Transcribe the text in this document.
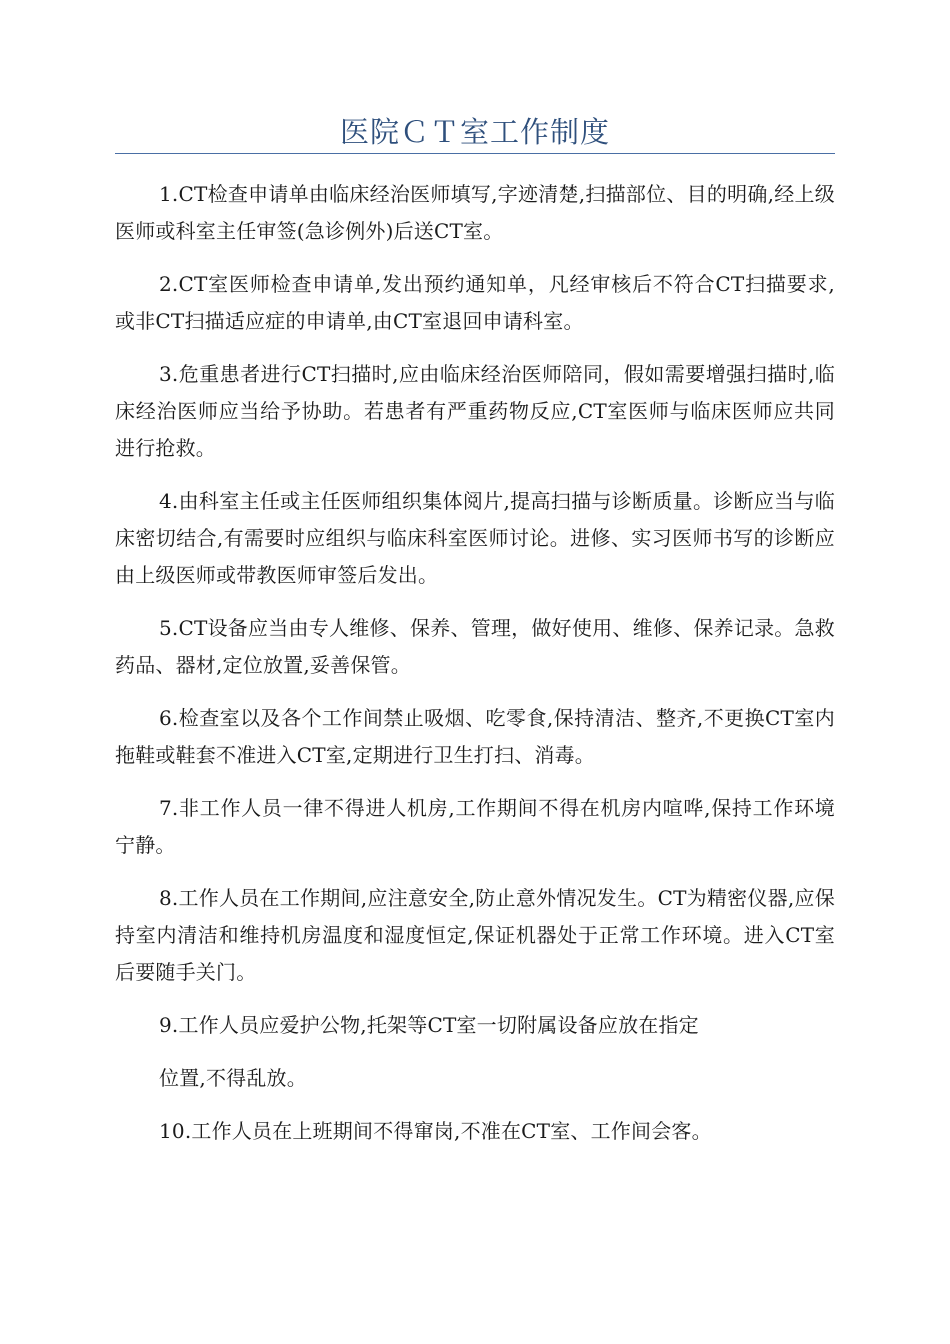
医院ＣＴ室工作制度

1.CT检查申请单由临床经治医师填写,字迹清楚,扫描部位、目的明确,经上级医师或科室主任审签(急诊例外)后送CT室。

2.CT室医师检查申请单,发出预约通知单，凡经审核后不符合CT扫描要求,或非CT扫描适应症的申请单,由CT室退回申请科室。

3.危重患者进行CT扫描时,应由临床经治医师陪同，假如需要增强扫描时,临床经治医师应当给予协助。若患者有严重药物反应,CT室医师与临床医师应共同进行抢救。

4.由科室主任或主任医师组织集体阅片,提高扫描与诊断质量。诊断应当与临床密切结合,有需要时应组织与临床科室医师讨论。进修、实习医师书写的诊断应由上级医师或带教医师审签后发出。

5.CT设备应当由专人维修、保养、管理，做好使用、维修、保养记录。急救药品、器材,定位放置,妥善保管。

6.检查室以及各个工作间禁止吸烟、吃零食,保持清洁、整齐,不更换CT室内拖鞋或鞋套不准进入CT室,定期进行卫生打扫、消毒。

7.非工作人员一律不得进人机房,工作期间不得在机房内喧哗,保持工作环境宁静。

8.工作人员在工作期间,应注意安全,防止意外情况发生。CT为精密仪器,应保持室内清洁和维持机房温度和湿度恒定,保证机器处于正常工作环境。进入CT室后要随手关门。

9.工作人员应爱护公物,托架等CT室一切附属设备应放在指定

位置,不得乱放。

10.工作人员在上班期间不得窜岗,不准在CT室、工作间会客。
